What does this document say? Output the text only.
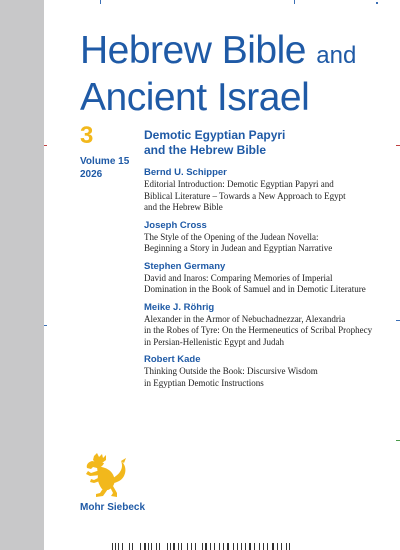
Hebrew Bible and
Ancient Israel
3
Volume 15
2026
Demotic Egyptian Papyri
and the Hebrew Bible
Bernd U. Schipper
Editorial Introduction: Demotic Egyptian Papyri and
Biblical Literature – Towards a New Approach to Egypt
and the Hebrew Bible
Joseph Cross
The Style of the Opening of the Judean Novella:
Beginning a Story in Judean and Egyptian Narrative
Stephen Germany
David and Inaros: Comparing Memories of Imperial
Domination in the Book of Samuel and in Demotic Literature
Meike J. Röhrig
Alexander in the Armor of Nebuchadnezzar, Alexandria
in the Robes of Tyre: On the Hermeneutics of Scribal Prophecy
in Persian-Hellenistic Egypt and Judah
Robert Kade
Thinking Outside the Book: Discursive Wisdom
in Egyptian Demotic Instructions
Mohr Siebeck
